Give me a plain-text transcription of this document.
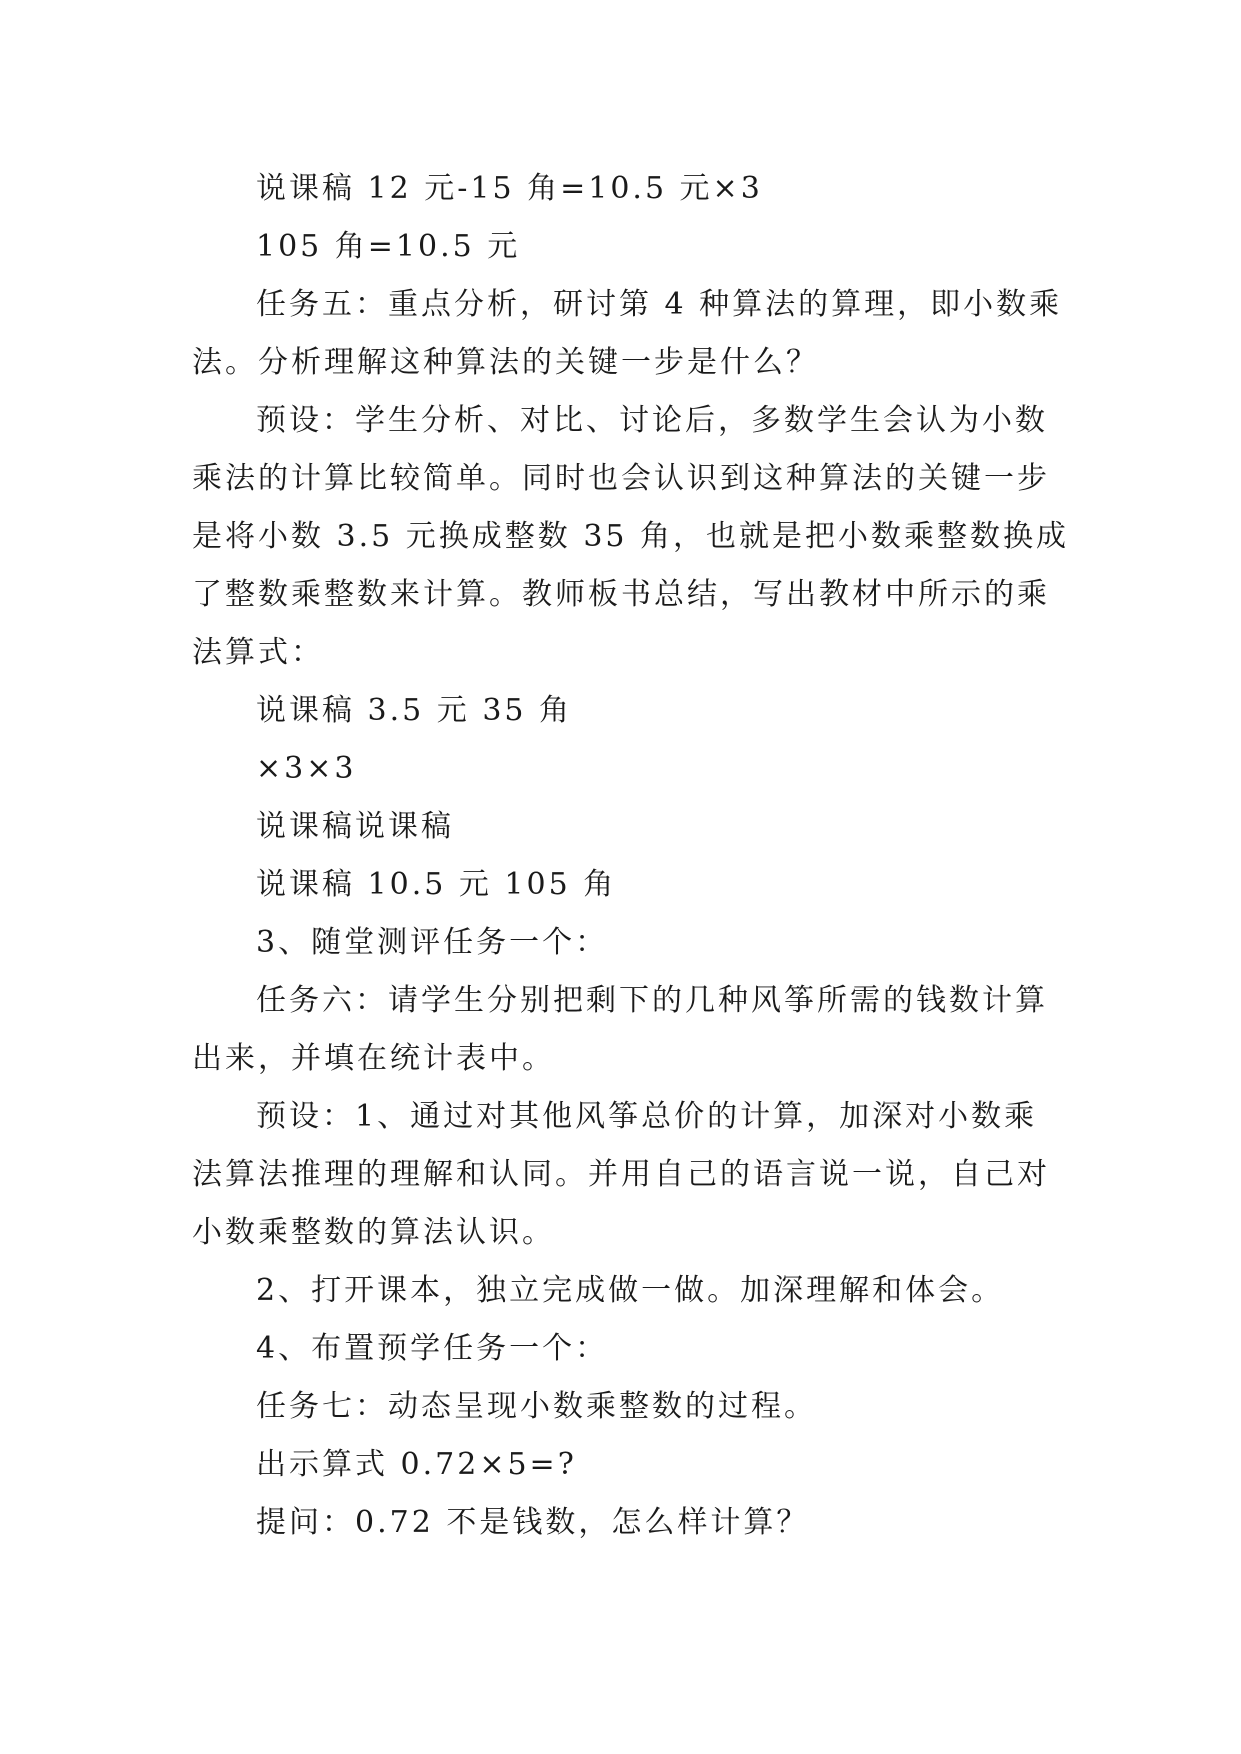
说课稿 12 元-15 角=10.5 元×3
105 角=10.5 元
任务五：重点分析，研讨第 4 种算法的算理，即小数乘
法。分析理解这种算法的关键一步是什么？
预设：学生分析、对比、讨论后，多数学生会认为小数
乘法的计算比较简单。同时也会认识到这种算法的关键一步
是将小数 3.5 元换成整数 35 角，也就是把小数乘整数换成
了整数乘整数来计算。教师板书总结，写出教材中所示的乘
法算式：
说课稿 3.5 元 35 角
×3×3
说课稿说课稿
说课稿 10.5 元 105 角
3、随堂测评任务一个：
任务六：请学生分别把剩下的几种风筝所需的钱数计算
出来，并填在统计表中。
预设：1、通过对其他风筝总价的计算，加深对小数乘
法算法推理的理解和认同。并用自己的语言说一说，自己对
小数乘整数的算法认识。
2、打开课本，独立完成做一做。加深理解和体会。
4、布置预学任务一个：
任务七：动态呈现小数乘整数的过程。
出示算式 0.72×5=?
提问：0.72 不是钱数，怎么样计算？
